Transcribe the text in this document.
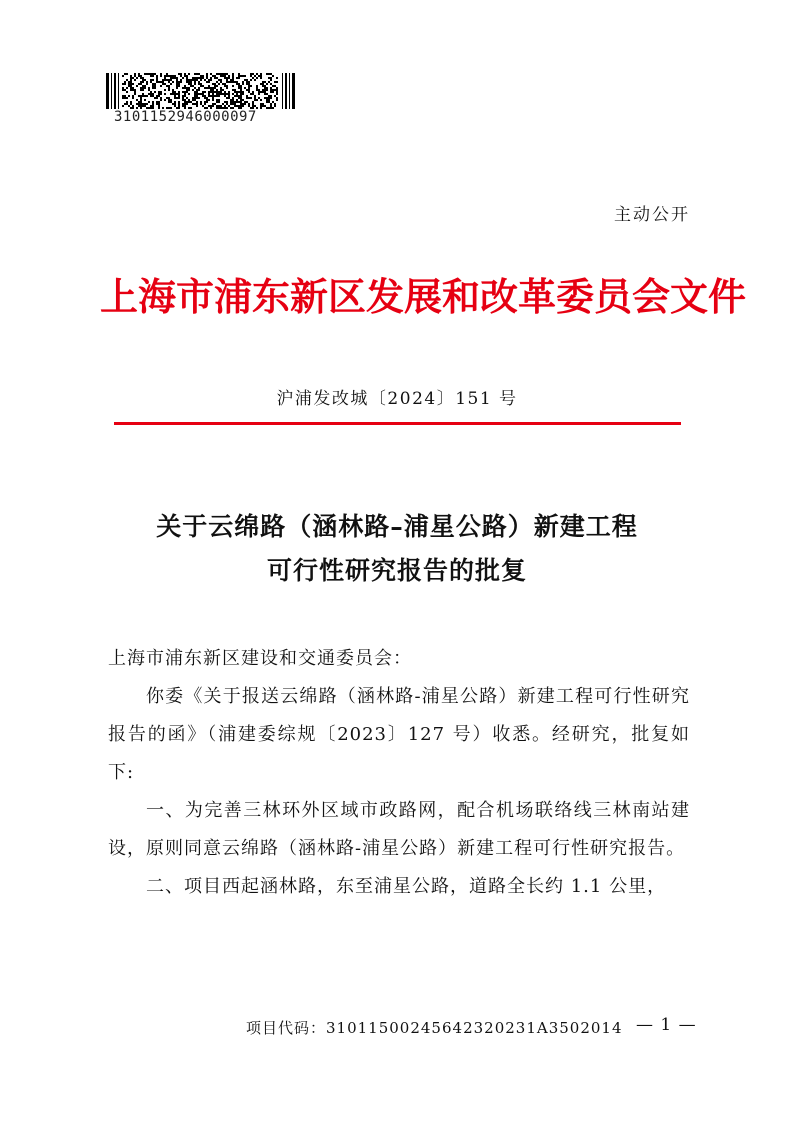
3101152946000097
主动公开
上海市浦东新区发展和改革委员会文件
沪浦发改城〔2024〕151 号
关于云绵路（涵林路–浦星公路）新建工程
可行性研究报告的批复

上海市浦东新区建设和交通委员会：

你委《关于报送云绵路（涵林路-浦星公路）新建工程可行性研究报告的函》（浦建委综规〔2023〕127 号）收悉。经研究，批复如下:

一、为完善三林环外区域市政路网，配合机场联络线三林南站建设，原则同意云绵路（涵林路-浦星公路）新建工程可行性研究报告。

二、项目西起涵林路，东至浦星公路，道路全长约 1.1 公里，

项目代码：31011500245642320231A3502014 — 1 —
